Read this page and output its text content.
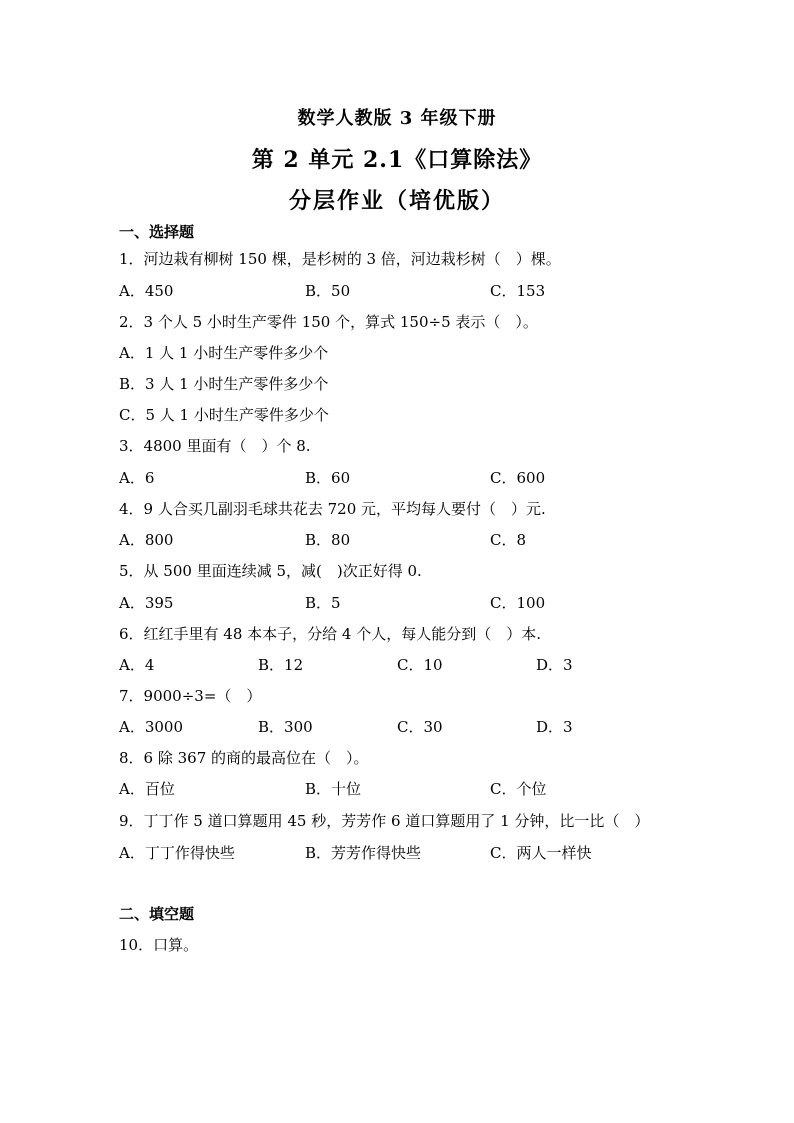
数学人教版 3 年级下册
第 2 单元 2.1《口算除法》
分层作业（培优版）
一、选择题
1．河边栽有柳树 150 棵，是杉树的 3 倍，河边栽杉树（　）棵。
A．450	B．50	C．153
2．3 个人 5 小时生产零件 150 个，算式 150÷5 表示（　）。
A．1 人 1 小时生产零件多少个
B．3 人 1 小时生产零件多少个
C．5 人 1 小时生产零件多少个
3．4800 里面有（　）个 8.
A．6	B．60	C．600
4．9 人合买几副羽毛球共花去 720 元，平均每人要付（　）元.
A．800	B．80	C．8
5．从 500 里面连续减 5，减(　)次正好得 0.
A．395	B．5	C．100
6．红红手里有 48 本本子，分给 4 个人，每人能分到（　）本.
A．4	B．12	C．10	D．3
7．9000÷3=（　）
A．3000	B．300	C．30	D．3
8．6 除 367 的商的最高位在（　）。
A．百位	B．十位	C．个位
9．丁丁作 5 道口算题用 45 秒，芳芳作 6 道口算题用了 1 分钟，比一比（　）
A．丁丁作得快些	B．芳芳作得快些	C．两人一样快
二、填空题
10．口算。
